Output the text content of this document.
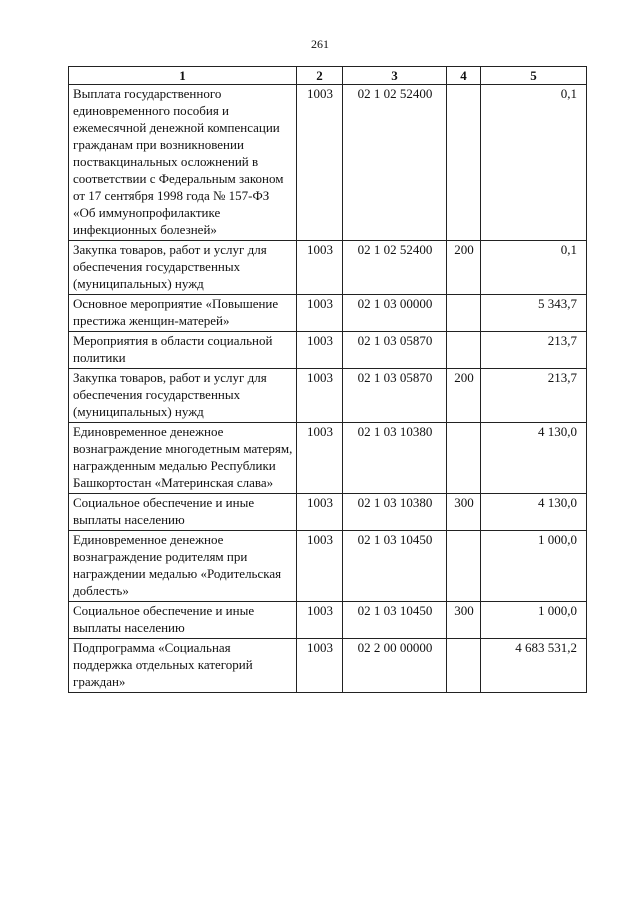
261
1	2	3	4	5
Выплата государственного единовременного пособия и ежемесячной денежной компенсации гражданам при возникновении поствакцинальных осложнений в соответствии с Федеральным законом от 17 сентября 1998 года № 157-ФЗ «Об иммунопрофилактике инфекционных болезней»	1003	02 1 02 52400		0,1
Закупка товаров, работ и услуг для обеспечения государственных (муниципальных) нужд	1003	02 1 02 52400	200	0,1
Основное мероприятие «Повышение престижа женщин-матерей»	1003	02 1 03 00000		5 343,7
Мероприятия в области социальной политики	1003	02 1 03 05870		213,7
Закупка товаров, работ и услуг для обеспечения государственных (муниципальных) нужд	1003	02 1 03 05870	200	213,7
Единовременное денежное вознаграждение многодетным матерям, награжденным медалью Республики Башкортостан «Материнская слава»	1003	02 1 03 10380		4 130,0
Социальное обеспечение и иные выплаты населению	1003	02 1 03 10380	300	4 130,0
Единовременное денежное вознаграждение родителям при награждении медалью «Родительская доблесть»	1003	02 1 03 10450		1 000,0
Социальное обеспечение и иные выплаты населению	1003	02 1 03 10450	300	1 000,0
Подпрограмма «Социальная поддержка отдельных категорий граждан»	1003	02 2 00 00000		4 683 531,2
